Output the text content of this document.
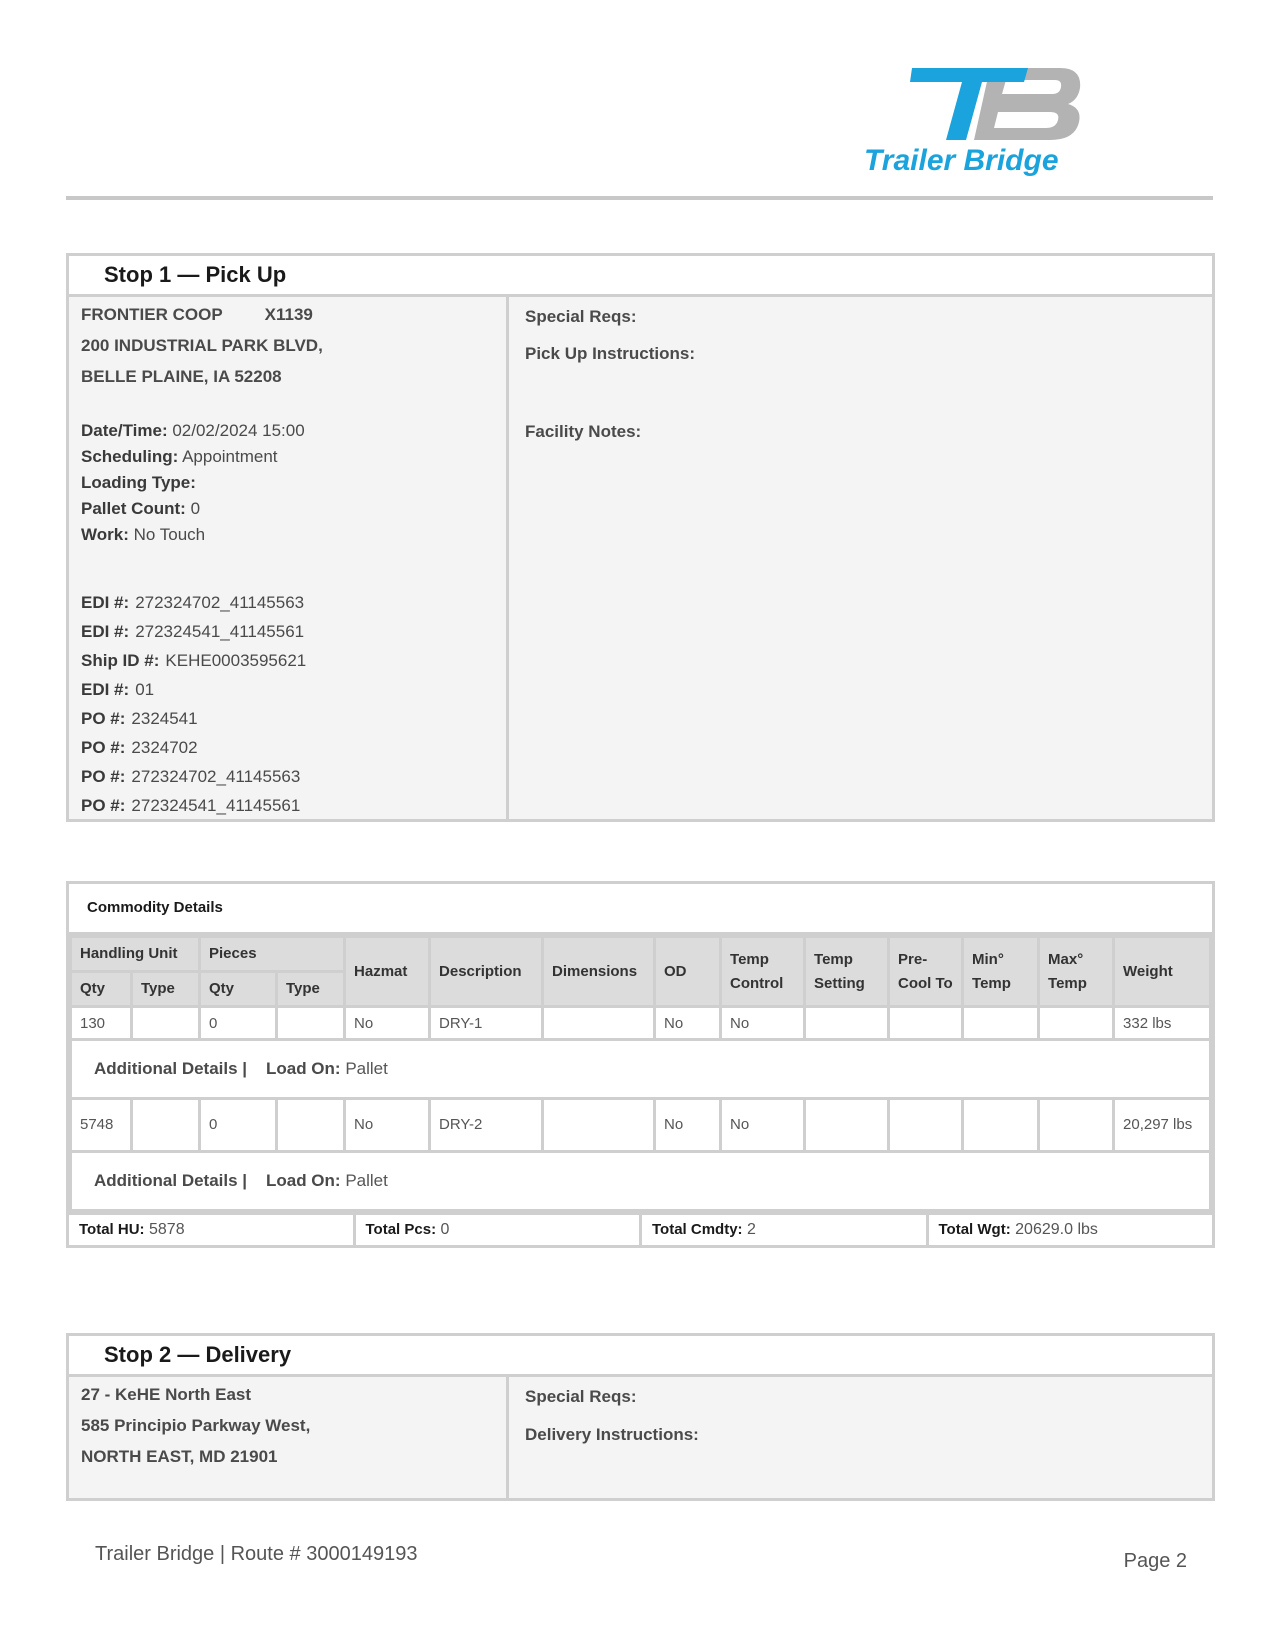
Trailer Bridge
Stop 1 — Pick Up
FRONTIER COOP X1139
200 INDUSTRIAL PARK BLVD,
BELLE PLAINE, IA 52208
Date/Time: 02/02/2024 15:00
Scheduling: Appointment
Loading Type:
Pallet Count: 0
Work: No Touch
EDI #: 272324702_41145563
EDI #: 272324541_41145561
Ship ID #: KEHE0003595621
EDI #: 01
PO #: 2324541
PO #: 2324702
PO #: 272324702_41145563
PO #: 272324541_41145561
Special Reqs:
Pick Up Instructions:
Facility Notes:
Commodity Details
Handling Unit		Pieces		Hazmat	Description	Dimensions	OD	Temp Control	Temp Setting	Pre-Cool To	Min° Temp	Max° Temp	Weight
Qty	Type	Qty	Type										
130		0		No	DRY-1		No	No					332 lbs
Additional Details | Load On: Pallet													
5748		0		No	DRY-2		No	No					20,297 lbs
Additional Details | Load On: Pallet													
Total HU: 5878	Total Pcs: 0	Total Cmdty: 2	Total Wgt: 20629.0 lbs
Stop 2 — Delivery
27 - KeHE North East
585 Principio Parkway West,
NORTH EAST, MD 21901
Special Reqs:
Delivery Instructions:
Trailer Bridge | Route # 3000149193	Page 2
